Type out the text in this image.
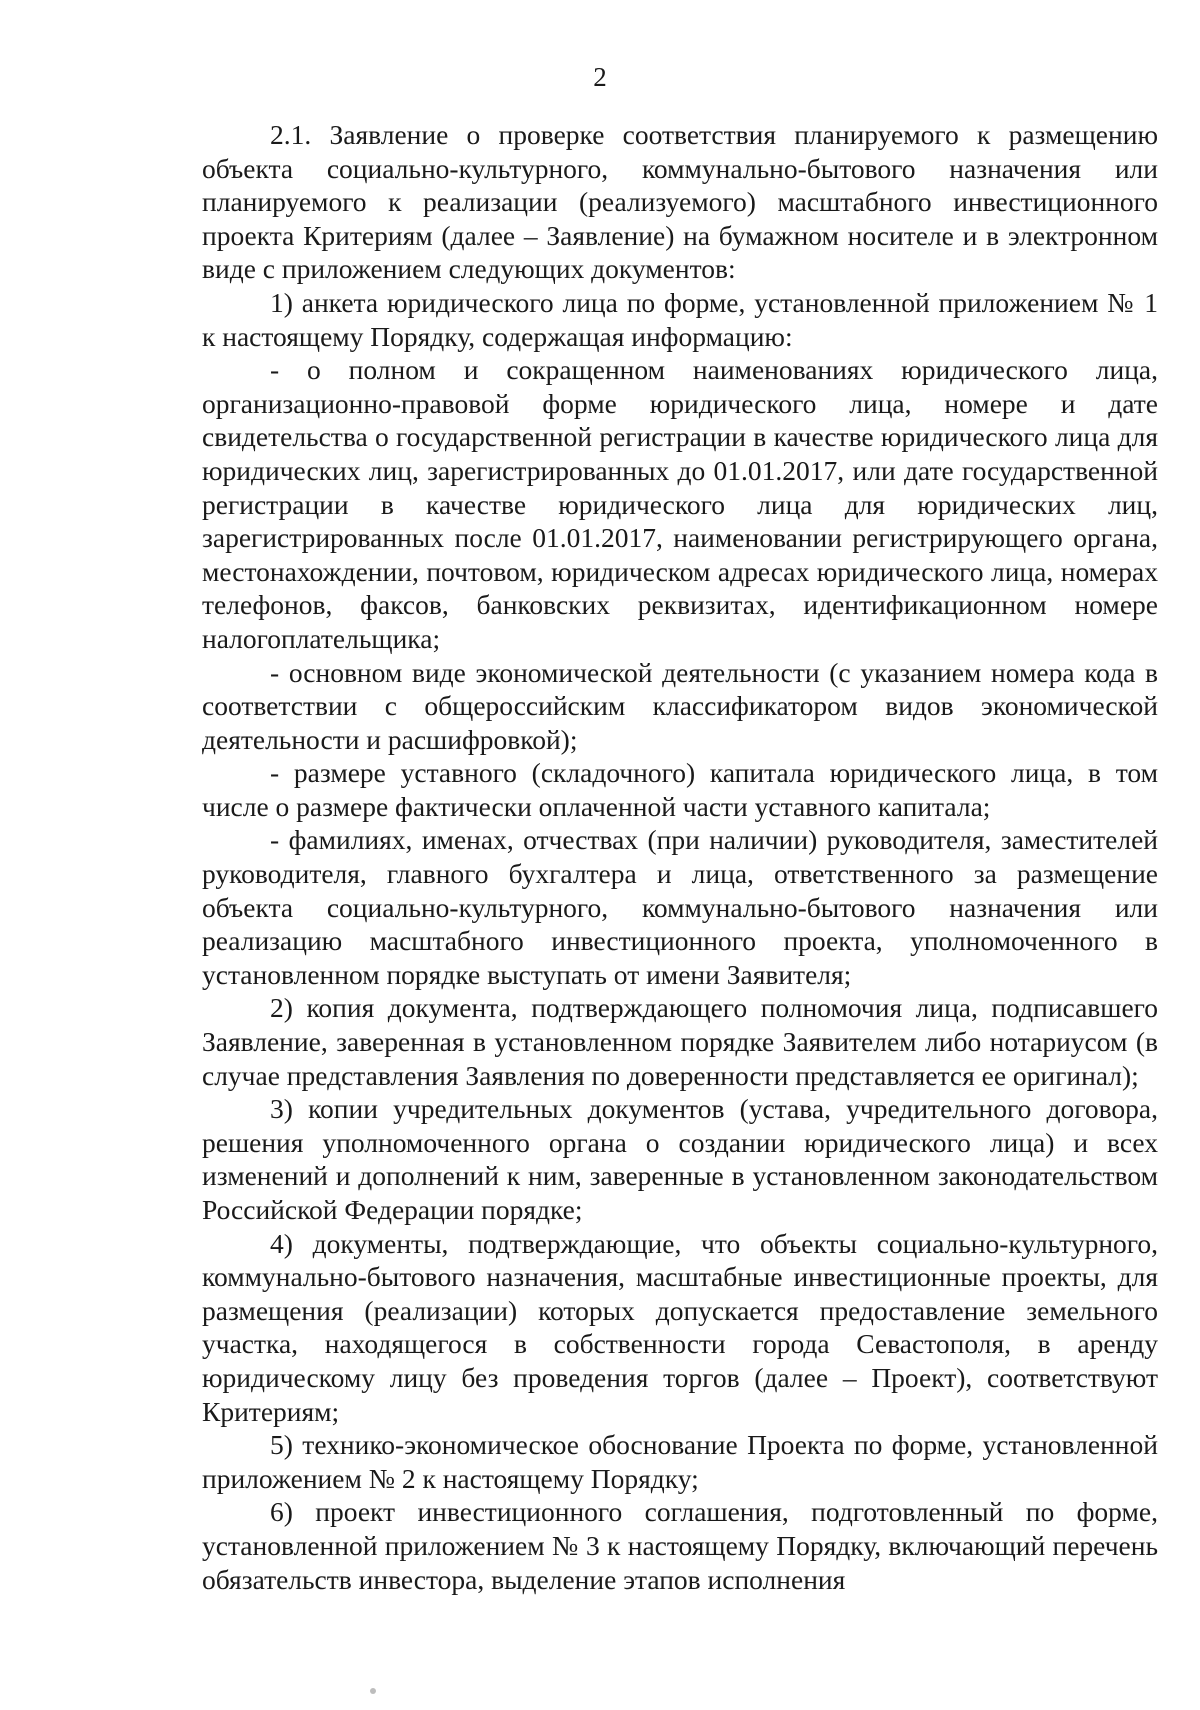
2

2.1. Заявление о проверке соответствия планируемого к размещению объекта социально-культурного, коммунально-бытового назначения или планируемого к реализации (реализуемого) масштабного инвестиционного проекта Критериям (далее – Заявление) на бумажном носителе и в электронном виде с приложением следующих документов:

1) анкета юридического лица по форме, установленной приложением № 1 к настоящему Порядку, содержащая информацию:

- о полном и сокращенном наименованиях юридического лица, организационно-правовой форме юридического лица, номере и дате свидетельства о государственной регистрации в качестве юридического лица для юридических лиц, зарегистрированных до 01.01.2017, или дате государственной регистрации в качестве юридического лица для юридических лиц, зарегистрированных после 01.01.2017, наименовании регистрирующего органа, местонахождении, почтовом, юридическом адресах юридического лица, номерах телефонов, факсов, банковских реквизитах, идентификационном номере налогоплательщика;

- основном виде экономической деятельности (с указанием номера кода в соответствии с общероссийским классификатором видов экономической деятельности и расшифровкой);

- размере уставного (складочного) капитала юридического лица, в том числе о размере фактически оплаченной части уставного капитала;

- фамилиях, именах, отчествах (при наличии) руководителя, заместителей руководителя, главного бухгалтера и лица, ответственного за размещение объекта социально-культурного, коммунально-бытового назначения или реализацию масштабного инвестиционного проекта, уполномоченного в установленном порядке выступать от имени Заявителя;

2) копия документа, подтверждающего полномочия лица, подписавшего Заявление, заверенная в установленном порядке Заявителем либо нотариусом (в случае представления Заявления по доверенности представляется ее оригинал);

3) копии учредительных документов (устава, учредительного договора, решения уполномоченного органа о создании юридического лица) и всех изменений и дополнений к ним, заверенные в установленном законодательством Российской Федерации порядке;

4) документы, подтверждающие, что объекты социально-культурного, коммунально-бытового назначения, масштабные инвестиционные проекты, для размещения (реализации) которых допускается предоставление земельного участка, находящегося в собственности города Севастополя, в аренду юридическому лицу без проведения торгов (далее – Проект), соответствуют Критериям;

5) технико-экономическое обоснование Проекта по форме, установленной приложением № 2 к настоящему Порядку;

6) проект инвестиционного соглашения, подготовленный по форме, установленной приложением № 3 к настоящему Порядку, включающий перечень обязательств инвестора, выделение этапов исполнения
